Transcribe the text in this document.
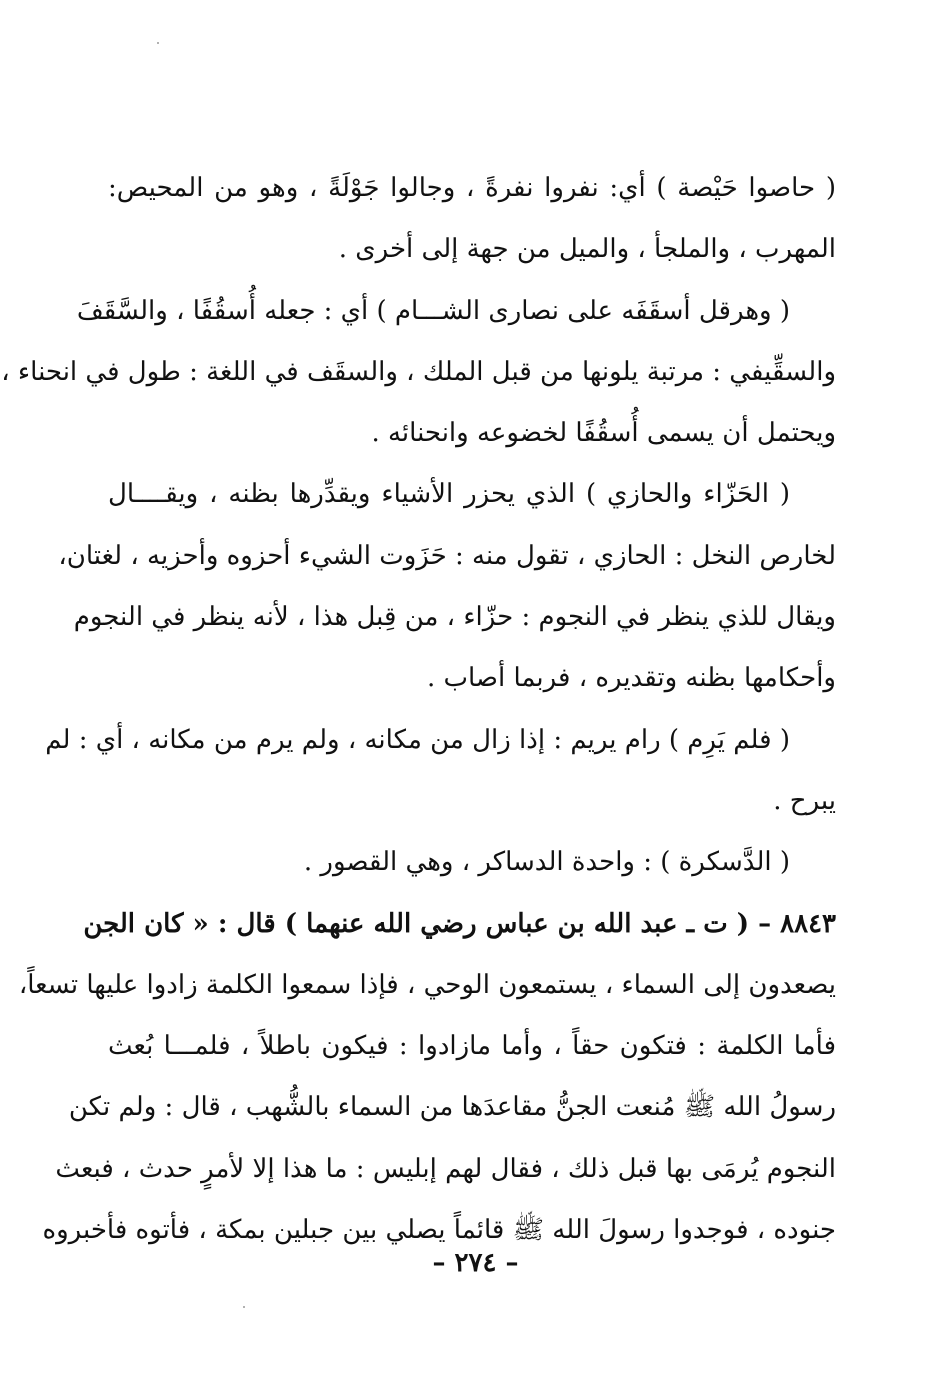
( حاصوا حَيْصة ) أي: نفروا نفرةً ، وجالوا جَوْلَةً ، وهو من المحيص:
المهرب ، والملجأ ، والميل من جهة إلى أخرى .
( وهرقل أسقَفَه على نصارى الشـــام ) أي : جعله أُسقُفًا ، والسَّقَفَ
والسقِّيفي : مرتبة يلونها من قبل الملك ، والسقَف في اللغة : طول في انحناء ،
ويحتمل أن يسمى أُسقُفًا لخضوعه وانحنائه .
( الحَزّاء والحازي ) الذي يحزر الأشياء ويقدِّرها بظنه ، ويقــــال
لخارص النخل : الحازي ، تقول منه : حَزَوت الشيء أحزوه وأحزيه ، لغتان،
ويقال للذي ينظر في النجوم : حزّاء ، من قِبل هذا ، لأنه ينظر في النجوم
وأحكامها بظنه وتقديره ، فربما أصاب .
( فلم يَرِم ) رام يريم : إذا زال من مكانه ، ولم يرم من مكانه ، أي : لم
يبرح .
( الدَّسكرة ) : واحدة الدساكر ، وهي القصور .
٨٨٤٣ – ( ت ـ عبد الله بن عباس رضي الله عنهما ) قال : « كان الجن
يصعدون إلى السماء ، يستمعون الوحي ، فإذا سمعوا الكلمة زادوا عليها تسعاً،
فأما الكلمة : فتكون حقاً ، وأما مازادوا : فيكون باطلاً ، فلمـــا بُعث
رسولُ الله ﷺ مُنعت الجنُّ مقاعدَها من السماء بالشُّهب ، قال : ولم تكن
النجوم يُرمَى بها قبل ذلك ، فقال لهم إبليس : ما هذا إلا لأمرٍ حدث ، فبعث
جنوده ، فوجدوا رسولَ الله ﷺ قائماً يصلي بين جبلين بمكة ، فأتوه فأخبروه
– ٢٧٤ –
